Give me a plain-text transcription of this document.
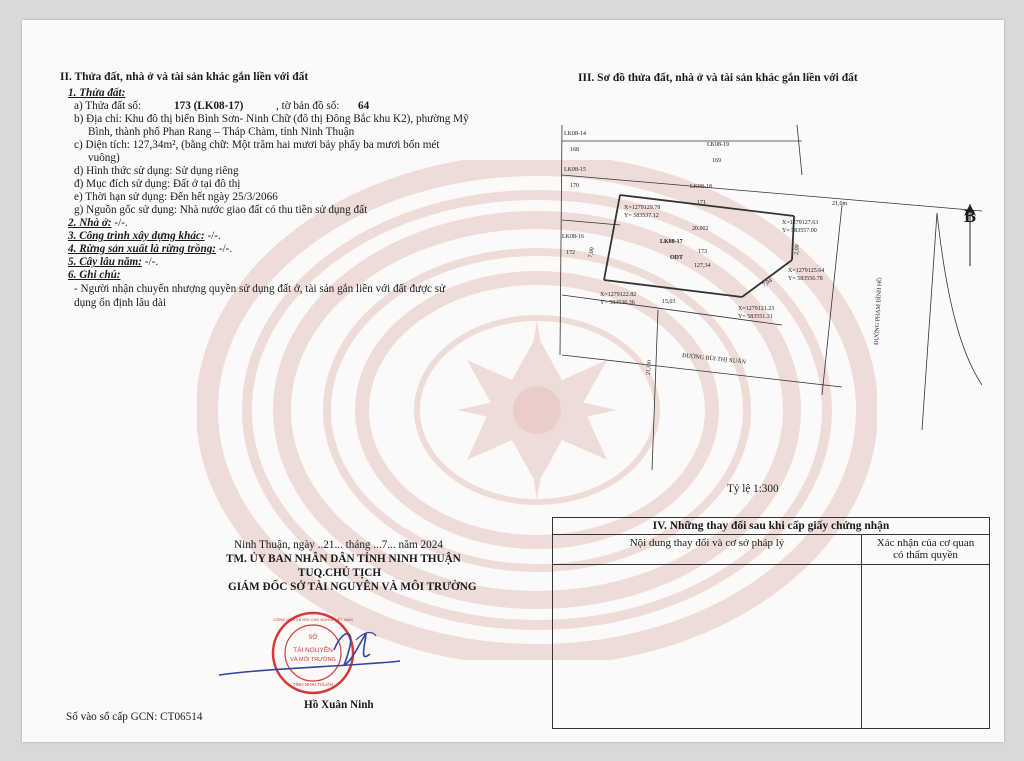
II. Thửa đất, nhà ở và tài sản khác gắn liền với đất
1. Thửa đất:
a) Thửa đất số:	173 (LK08-17)	, tờ bản đồ số: 64
b) Địa chỉ: Khu đô thị biển Bình Sơn- Ninh Chữ (đô thị Đông Bắc khu K2), phường Mỹ
Bình, thành phố Phan Rang – Tháp Chàm, tỉnh Ninh Thuận
c) Diện tích: 127,34m², (bằng chữ: Một trăm hai mươi bảy phẩy ba mươi bốn mét
vuông)
d) Hình thức sử dụng: Sử dụng riêng
đ) Mục đích sử dụng: Đất ở tại đô thị
e) Thời hạn sử dụng: Đến hết ngày 25/3/2066
g) Nguồn gốc sử dụng: Nhà nước giao đất có thu tiền sử dụng đất
2. Nhà ở: -/-.
3. Công trình xây dựng khác: -/-.
4. Rừng sản xuất là rừng trồng: -/-.
5. Cây lâu năm: -/-.
6. Ghi chú:
- Người nhận chuyển nhượng quyền sử dụng đất ở, tài sản gắn liền với đất được sử
dụng ổn định lâu dài
Ninh Thuận, ngày ..21... tháng ...7... năm 2024
TM. ỦY BAN NHÂN DÂN TỈNH NINH THUẬN
TUQ.CHỦ TỊCH
GIÁM ĐỐC SỞ TÀI NGUYÊN VÀ MÔI TRƯỜNG
SỞ
TÀI NGUYÊN
VÀ MÔI TRƯỜNG
TỈNH NINH THUẬN
CỘNG HÒA XÃ HỘI CHỦ NGHĨA VIỆT NAM
Hồ Xuân Ninh
Số vào sổ cấp GCN: CT06514
III. Sơ đồ thửa đất, nhà ở và tài sản khác gắn liền với đất
LK08-14
168
LK08-19
169
LK08-15
170	LK08-18
171
LK08-16
172
LK08-17
ODT
173
127,34
X=1279129.78
Y= 583537.12
X=1279127.63
Y= 583557.00
X=1279125.64
Y= 583556.78
X=1279121.23
Y= 583551.31
X=1279122.82
Y= 583536.36
20.002
7,00	2,00
7,04
15,03
21,0m
21,0m
ĐƯỜNG BÙI THỊ XUÂN
ĐƯỜNG PHẠM ĐÌNH HỒ
B
Tỷ lệ 1:300
IV. Những thay đổi sau khi cấp giấy chứng nhận	
Nội dung thay đổi và cơ sở pháp lý	Xác nhận của cơ quan
có thẩm quyền
